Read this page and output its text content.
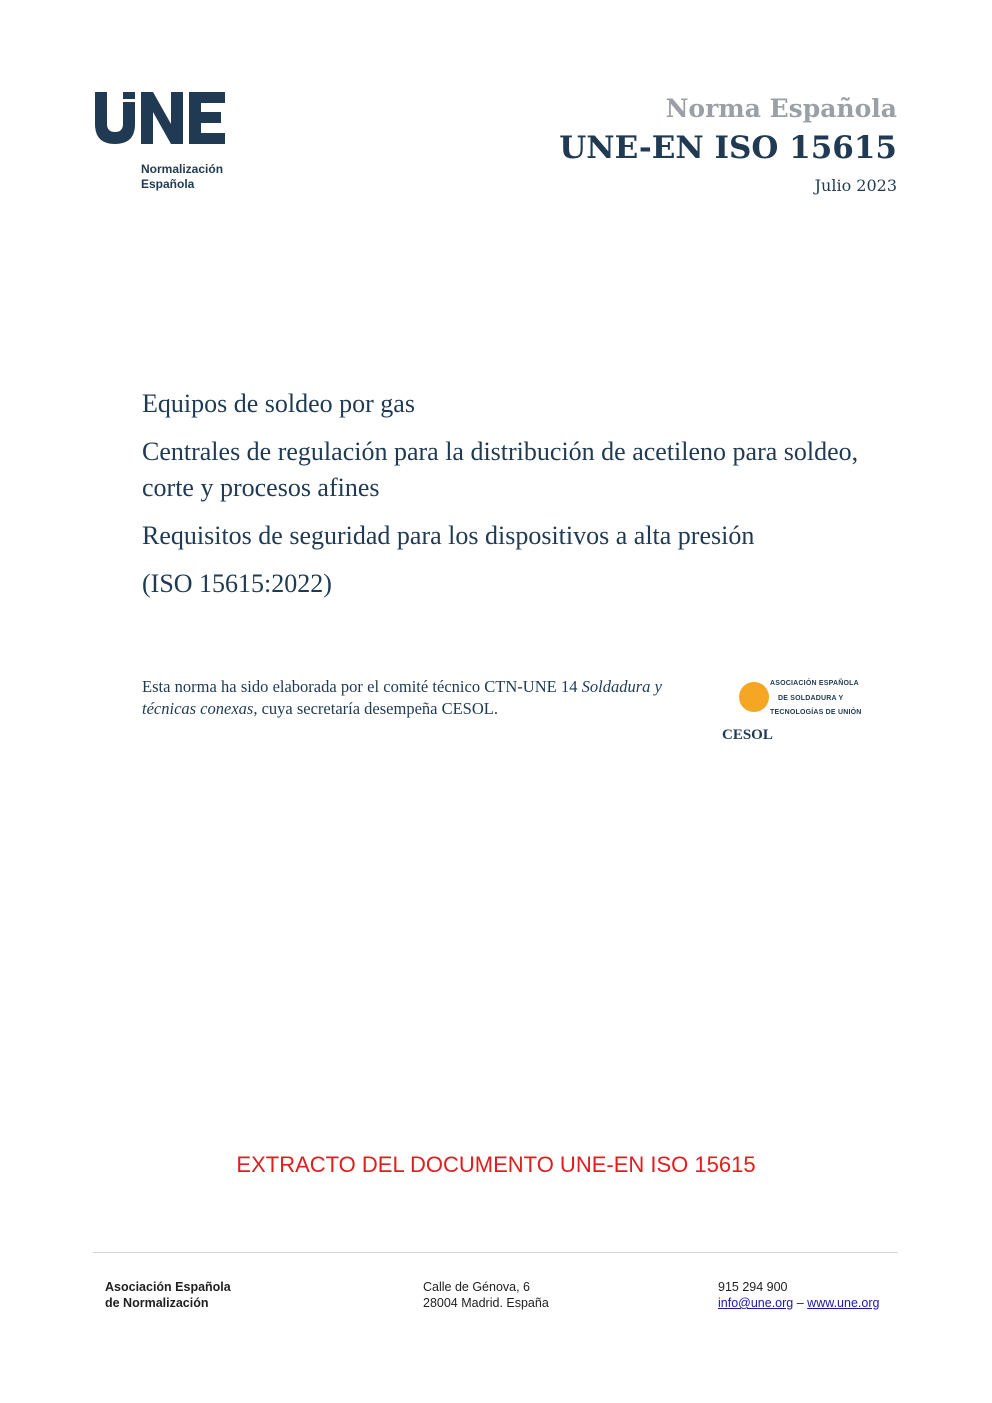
Normalización
Española
Norma Española
UNE-EN ISO 15615
Julio 2023
Equipos de soldeo por gas
Centrales de regulación para la distribución de acetileno para soldeo, corte y procesos afines
Requisitos de seguridad para los dispositivos a alta presión
(ISO 15615:2022)
Esta norma ha sido elaborada por el comité técnico CTN-UNE 14 Soldadura y técnicas conexas, cuya secretaría desempeña CESOL.
ASOCIACIÓN ESPAÑOLA
DE SOLDADURA Y
TECNOLOGÍAS DE UNIÓN
CESOL
EXTRACTO DEL DOCUMENTO UNE-EN ISO 15615
Asociación Española
de Normalización
Calle de Génova, 6
28004 Madrid. España
915 294 900
info@une.org – www.une.org
